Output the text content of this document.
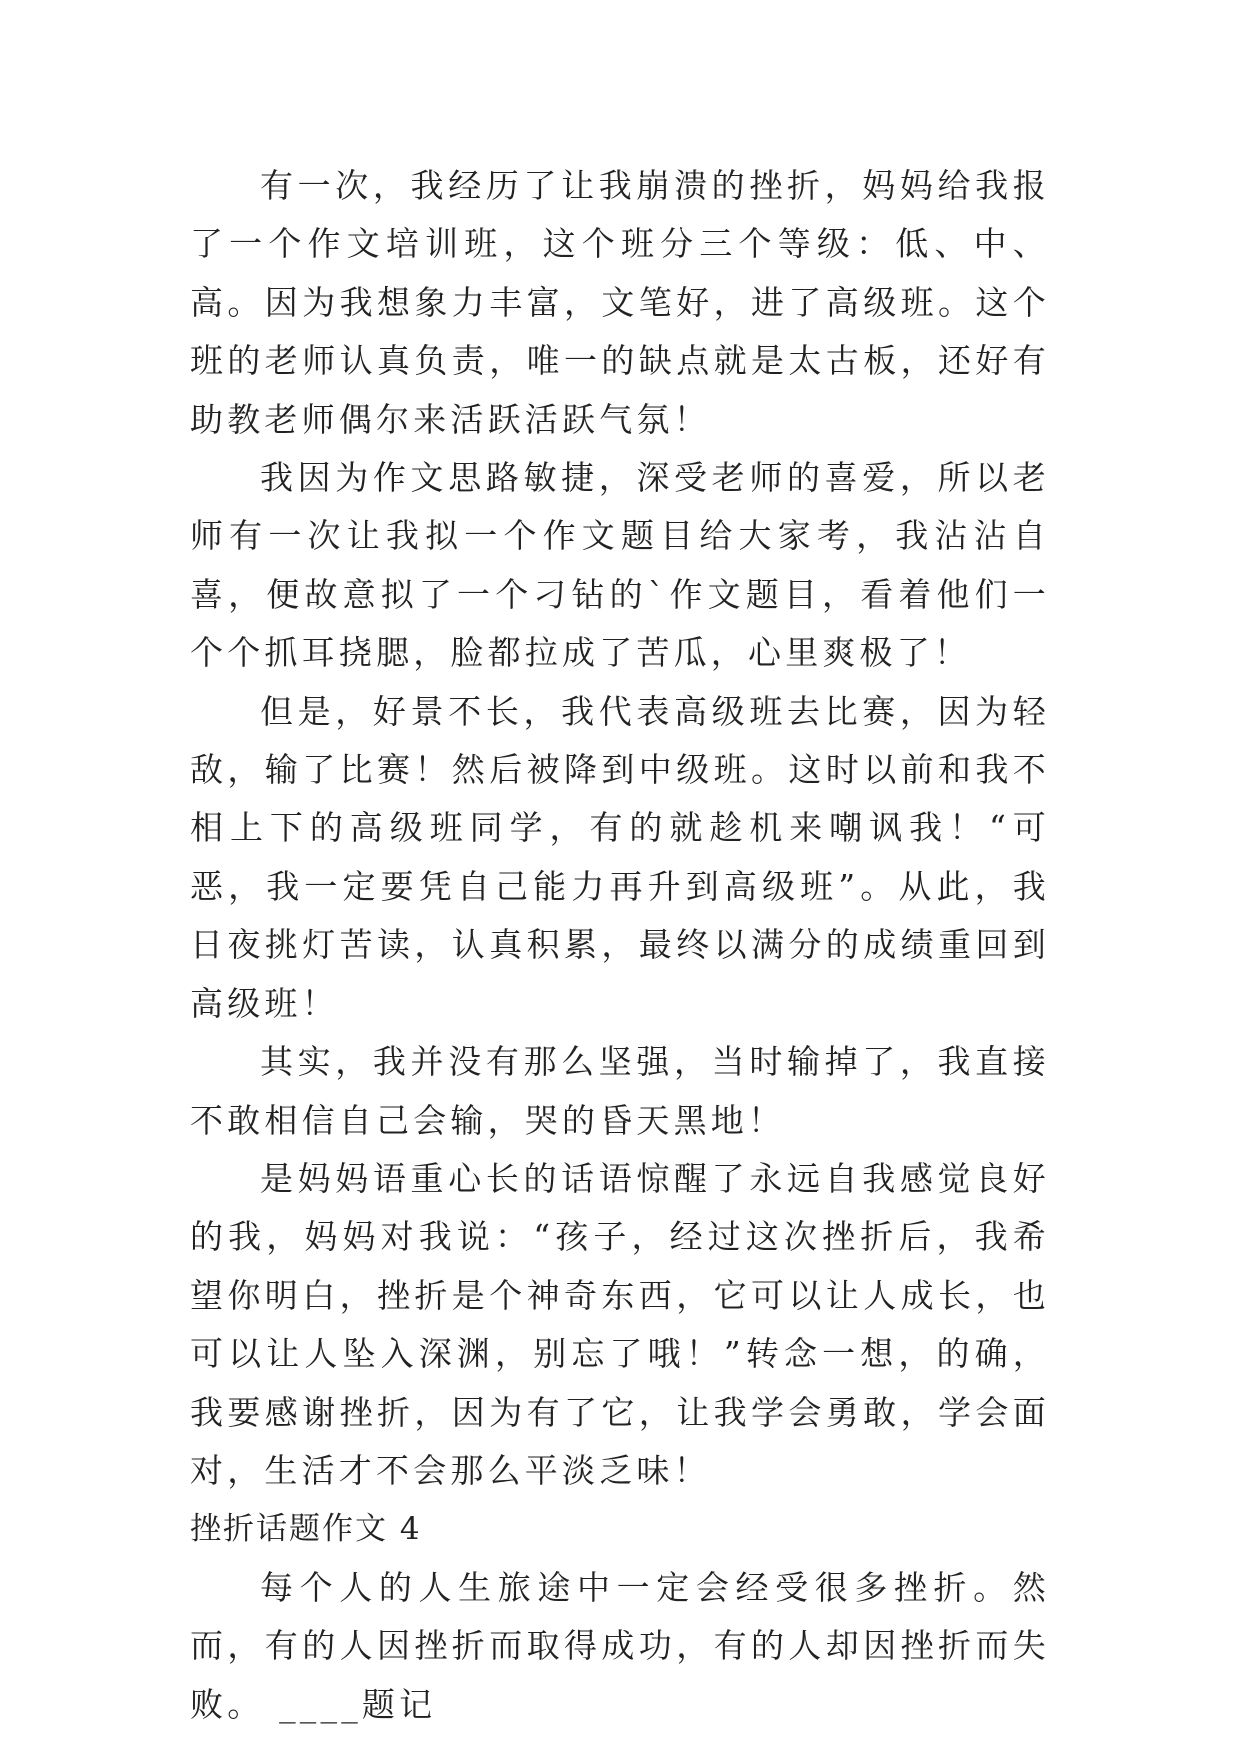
有一次，我经历了让我崩溃的挫折，妈妈给我报了一个作文培训班，这个班分三个等级：低、中、高。因为我想象力丰富，文笔好，进了高级班。这个班的老师认真负责，唯一的缺点就是太古板，还好有助教老师偶尔来活跃活跃气氛！

我因为作文思路敏捷，深受老师的喜爱，所以老师有一次让我拟一个作文题目给大家考，我沾沾自喜，便故意拟了一个刁钻的`作文题目，看着他们一个个抓耳挠腮，脸都拉成了苦瓜，心里爽极了！

但是，好景不长，我代表高级班去比赛，因为轻敌，输了比赛！然后被降到中级班。这时以前和我不相上下的高级班同学，有的就趁机来嘲讽我！“可恶，我一定要凭自己能力再升到高级班”。从此，我日夜挑灯苦读，认真积累，最终以满分的成绩重回到高级班！

其实，我并没有那么坚强，当时输掉了，我直接不敢相信自己会输，哭的昏天黑地！

是妈妈语重心长的话语惊醒了永远自我感觉良好的我，妈妈对我说：“孩子，经过这次挫折后，我希望你明白，挫折是个神奇东西，它可以让人成长，也可以让人坠入深渊，别忘了哦！”转念一想，的确，我要感谢挫折，因为有了它，让我学会勇敢，学会面对，生活才不会那么平淡乏味！

挫折话题作文 4

每个人的人生旅途中一定会经受很多挫折。然而，有的人因挫折而取得成功，有的人却因挫折而失败。 ____题记
